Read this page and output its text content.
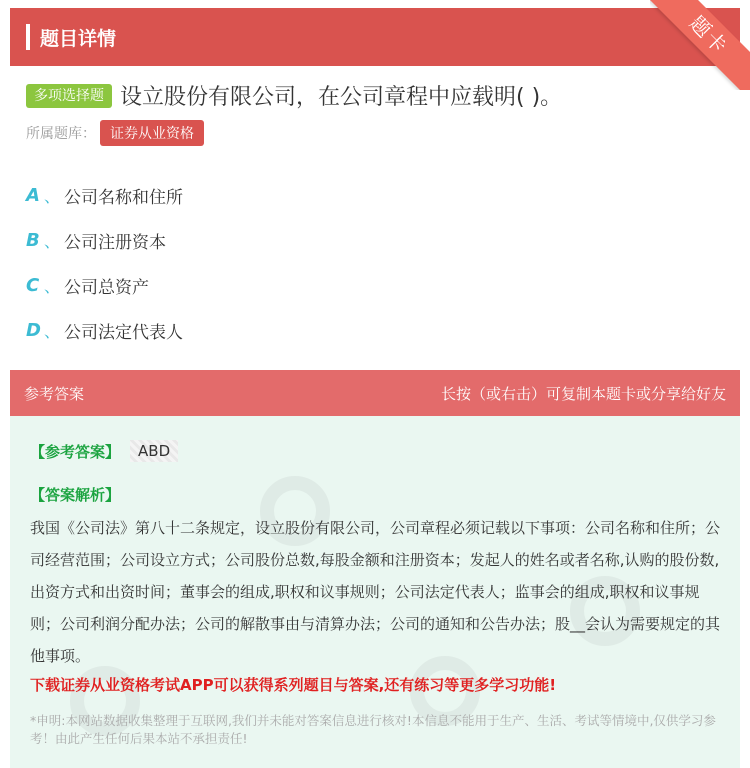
题目详情	题卡
多项选择题 设立股份有限公司，在公司章程中应载明( )。
所属题库：	证券从业资格
A 、 公司名称和住所
B 、 公司注册资本
C 、 公司总资产
D 、 公司法定代表人
参考答案	长按（或右击）可复制本题卡或分享给好友
【参考答案】	ABD
【答案解析】
我国《公司法》第八十二条规定，设立股份有限公司，公司章程必须记载以下事项：公司名称和住所；公司经营范围；公司设立方式；公司股份总数,每股金额和注册资本；发起人的姓名或者名称,认购的股份数,出资方式和出资时间；董事会的组成,职权和议事规则；公司法定代表人；监事会的组成,职权和议事规则；公司利润分配办法；公司的解散事由与清算办法；公司的通知和公告办法；股__会认为需要规定的其他事项。
下载证券从业资格考试APP可以获得系列题目与答案,还有练习等更多学习功能!
*申明:本网站数据收集整理于互联网,我们并未能对答案信息进行核对!本信息不能用于生产、生活、考试等情境中,仅供学习参考！由此产生任何后果本站不承担责任!
